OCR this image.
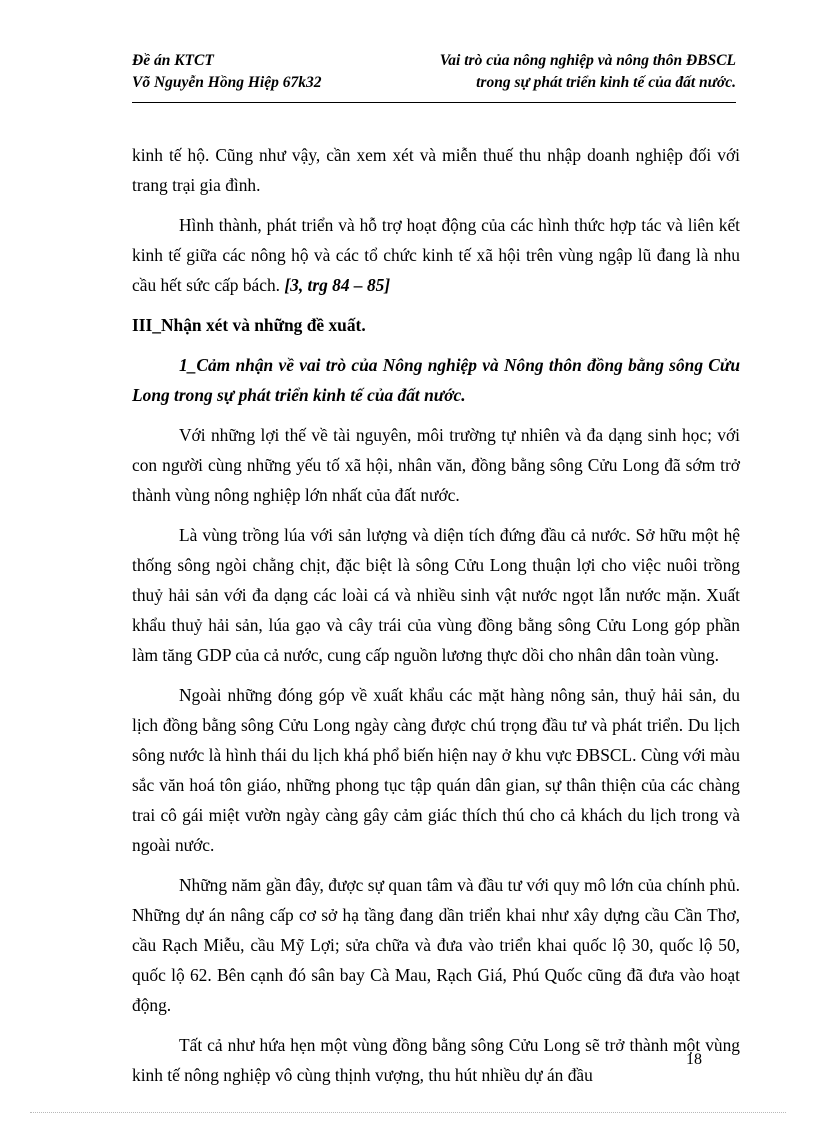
Đề án KTCT
Võ Nguyễn Hồng Hiệp 67k32
Vai trò của nông nghiệp và nông thôn ĐBSCL
trong sự phát triển kinh tế của đất nước.

kinh tế hộ. Cũng như vậy, cần xem xét và miễn thuế thu nhập doanh nghiệp đối với trang trại gia đình.

Hình thành, phát triển và hỗ trợ hoạt động của các hình thức hợp tác và liên kết kinh tế giữa các nông hộ và các tổ chức kinh tế xã hội trên vùng ngập lũ đang là nhu cầu hết sức cấp bách. [3, trg 84 – 85]

III_Nhận xét và những đề xuất.

1_Cảm nhận về vai trò của Nông nghiệp và Nông thôn đồng bằng sông Cửu Long trong sự phát triển kinh tế của đất nước.

Với những lợi thế về tài nguyên, môi trường tự nhiên và đa dạng sinh học; với con người cùng những yếu tố xã hội, nhân văn, đồng bằng sông Cửu Long đã sớm trở thành vùng nông nghiệp lớn nhất của đất nước.

Là vùng trồng lúa với sản lượng và diện tích đứng đầu cả nước. Sở hữu một hệ thống sông ngòi chằng chịt, đặc biệt là sông Cửu Long thuận lợi cho việc nuôi trồng thuỷ hải sản với đa dạng các loài cá và nhiều sinh vật nước ngọt lẫn nước mặn. Xuất khẩu thuỷ hải sản, lúa gạo và cây trái của vùng đồng bằng sông Cửu Long góp phần làm tăng GDP của cả nước, cung cấp nguồn lương thực dồi cho nhân dân toàn vùng.

Ngoài những đóng góp về xuất khẩu các mặt hàng nông sản, thuỷ hải sản, du lịch đồng bằng sông Cửu Long ngày càng được chú trọng đầu tư và phát triển. Du lịch sông nước là hình thái du lịch khá phổ biến hiện nay ở khu vực ĐBSCL. Cùng với màu sắc văn hoá tôn giáo, những phong tục tập quán dân gian, sự thân thiện của các chàng trai cô gái miệt vườn ngày càng gây cảm giác thích thú cho cả khách du lịch trong và ngoài nước.

Những năm gần đây, được sự quan tâm và đầu tư với quy mô lớn của chính phủ. Những dự án nâng cấp cơ sở hạ tầng đang dần triển khai như xây dựng cầu Cần Thơ, cầu Rạch Miễu, cầu Mỹ Lợi; sửa chữa và đưa vào triển khai quốc lộ 30, quốc lộ 50, quốc lộ 62. Bên cạnh đó sân bay Cà Mau, Rạch Giá, Phú Quốc cũng đã đưa vào hoạt động.

Tất cả như hứa hẹn một vùng đồng bằng sông Cửu Long sẽ trở thành một vùng kinh tế nông nghiệp vô cùng thịnh vượng, thu hút nhiều dự án đầu

18
